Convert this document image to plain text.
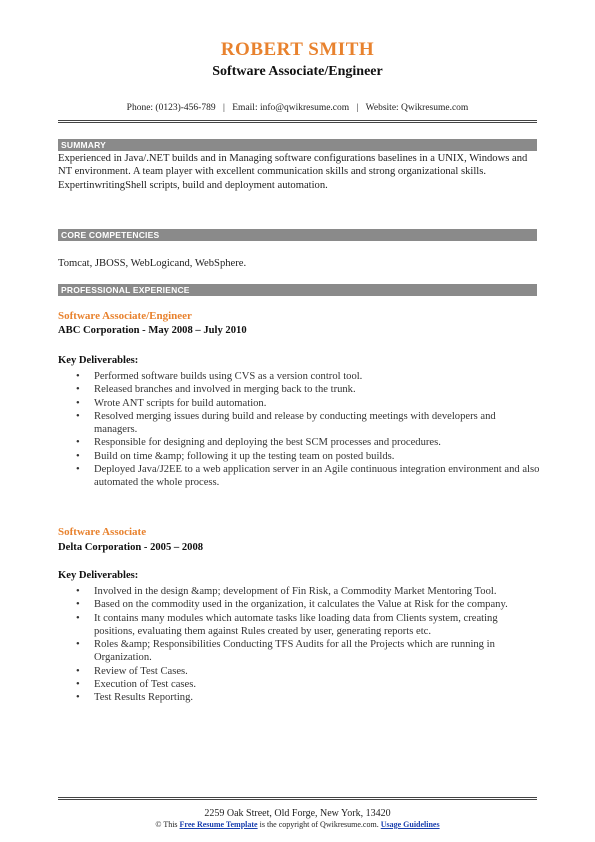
ROBERT SMITH
Software Associate/Engineer
Phone: (0123)-456-789 | Email: info@qwikresume.com | Website: Qwikresume.com
SUMMARY
Experienced in Java/.NET builds and in Managing software configurations baselines in a UNIX, Windows and NT environment. A team player with excellent communication skills and strong organizational skills. ExpertinwritingShell scripts, build and deployment automation.
CORE COMPETENCIES
Tomcat, JBOSS, WebLogicand, WebSphere.
PROFESSIONAL EXPERIENCE
Software Associate/Engineer
ABC Corporation - May 2008 – July 2010
Key Deliverables:
• Performed software builds using CVS as a version control tool.
• Released branches and involved in merging back to the trunk.
• Wrote ANT scripts for build automation.
• Resolved merging issues during build and release by conducting meetings with developers and managers.
• Responsible for designing and deploying the best SCM processes and procedures.
• Build on time &amp; following it up the testing team on posted builds.
• Deployed Java/J2EE to a web application server in an Agile continuous integration environment and also automated the whole process.
Software Associate
Delta Corporation - 2005 – 2008
Key Deliverables:
• Involved in the design &amp; development of Fin Risk, a Commodity Market Mentoring Tool.
• Based on the commodity used in the organization, it calculates the Value at Risk for the company.
• It contains many modules which automate tasks like loading data from Clients system, creating positions, evaluating them against Rules created by user, generating reports etc.
• Roles &amp; Responsibilities Conducting TFS Audits for all the Projects which are running in Organization.
• Review of Test Cases.
• Execution of Test cases.
• Test Results Reporting.
2259 Oak Street, Old Forge, New York, 13420
© This Free Resume Template is the copyright of Qwikresume.com. Usage Guidelines
